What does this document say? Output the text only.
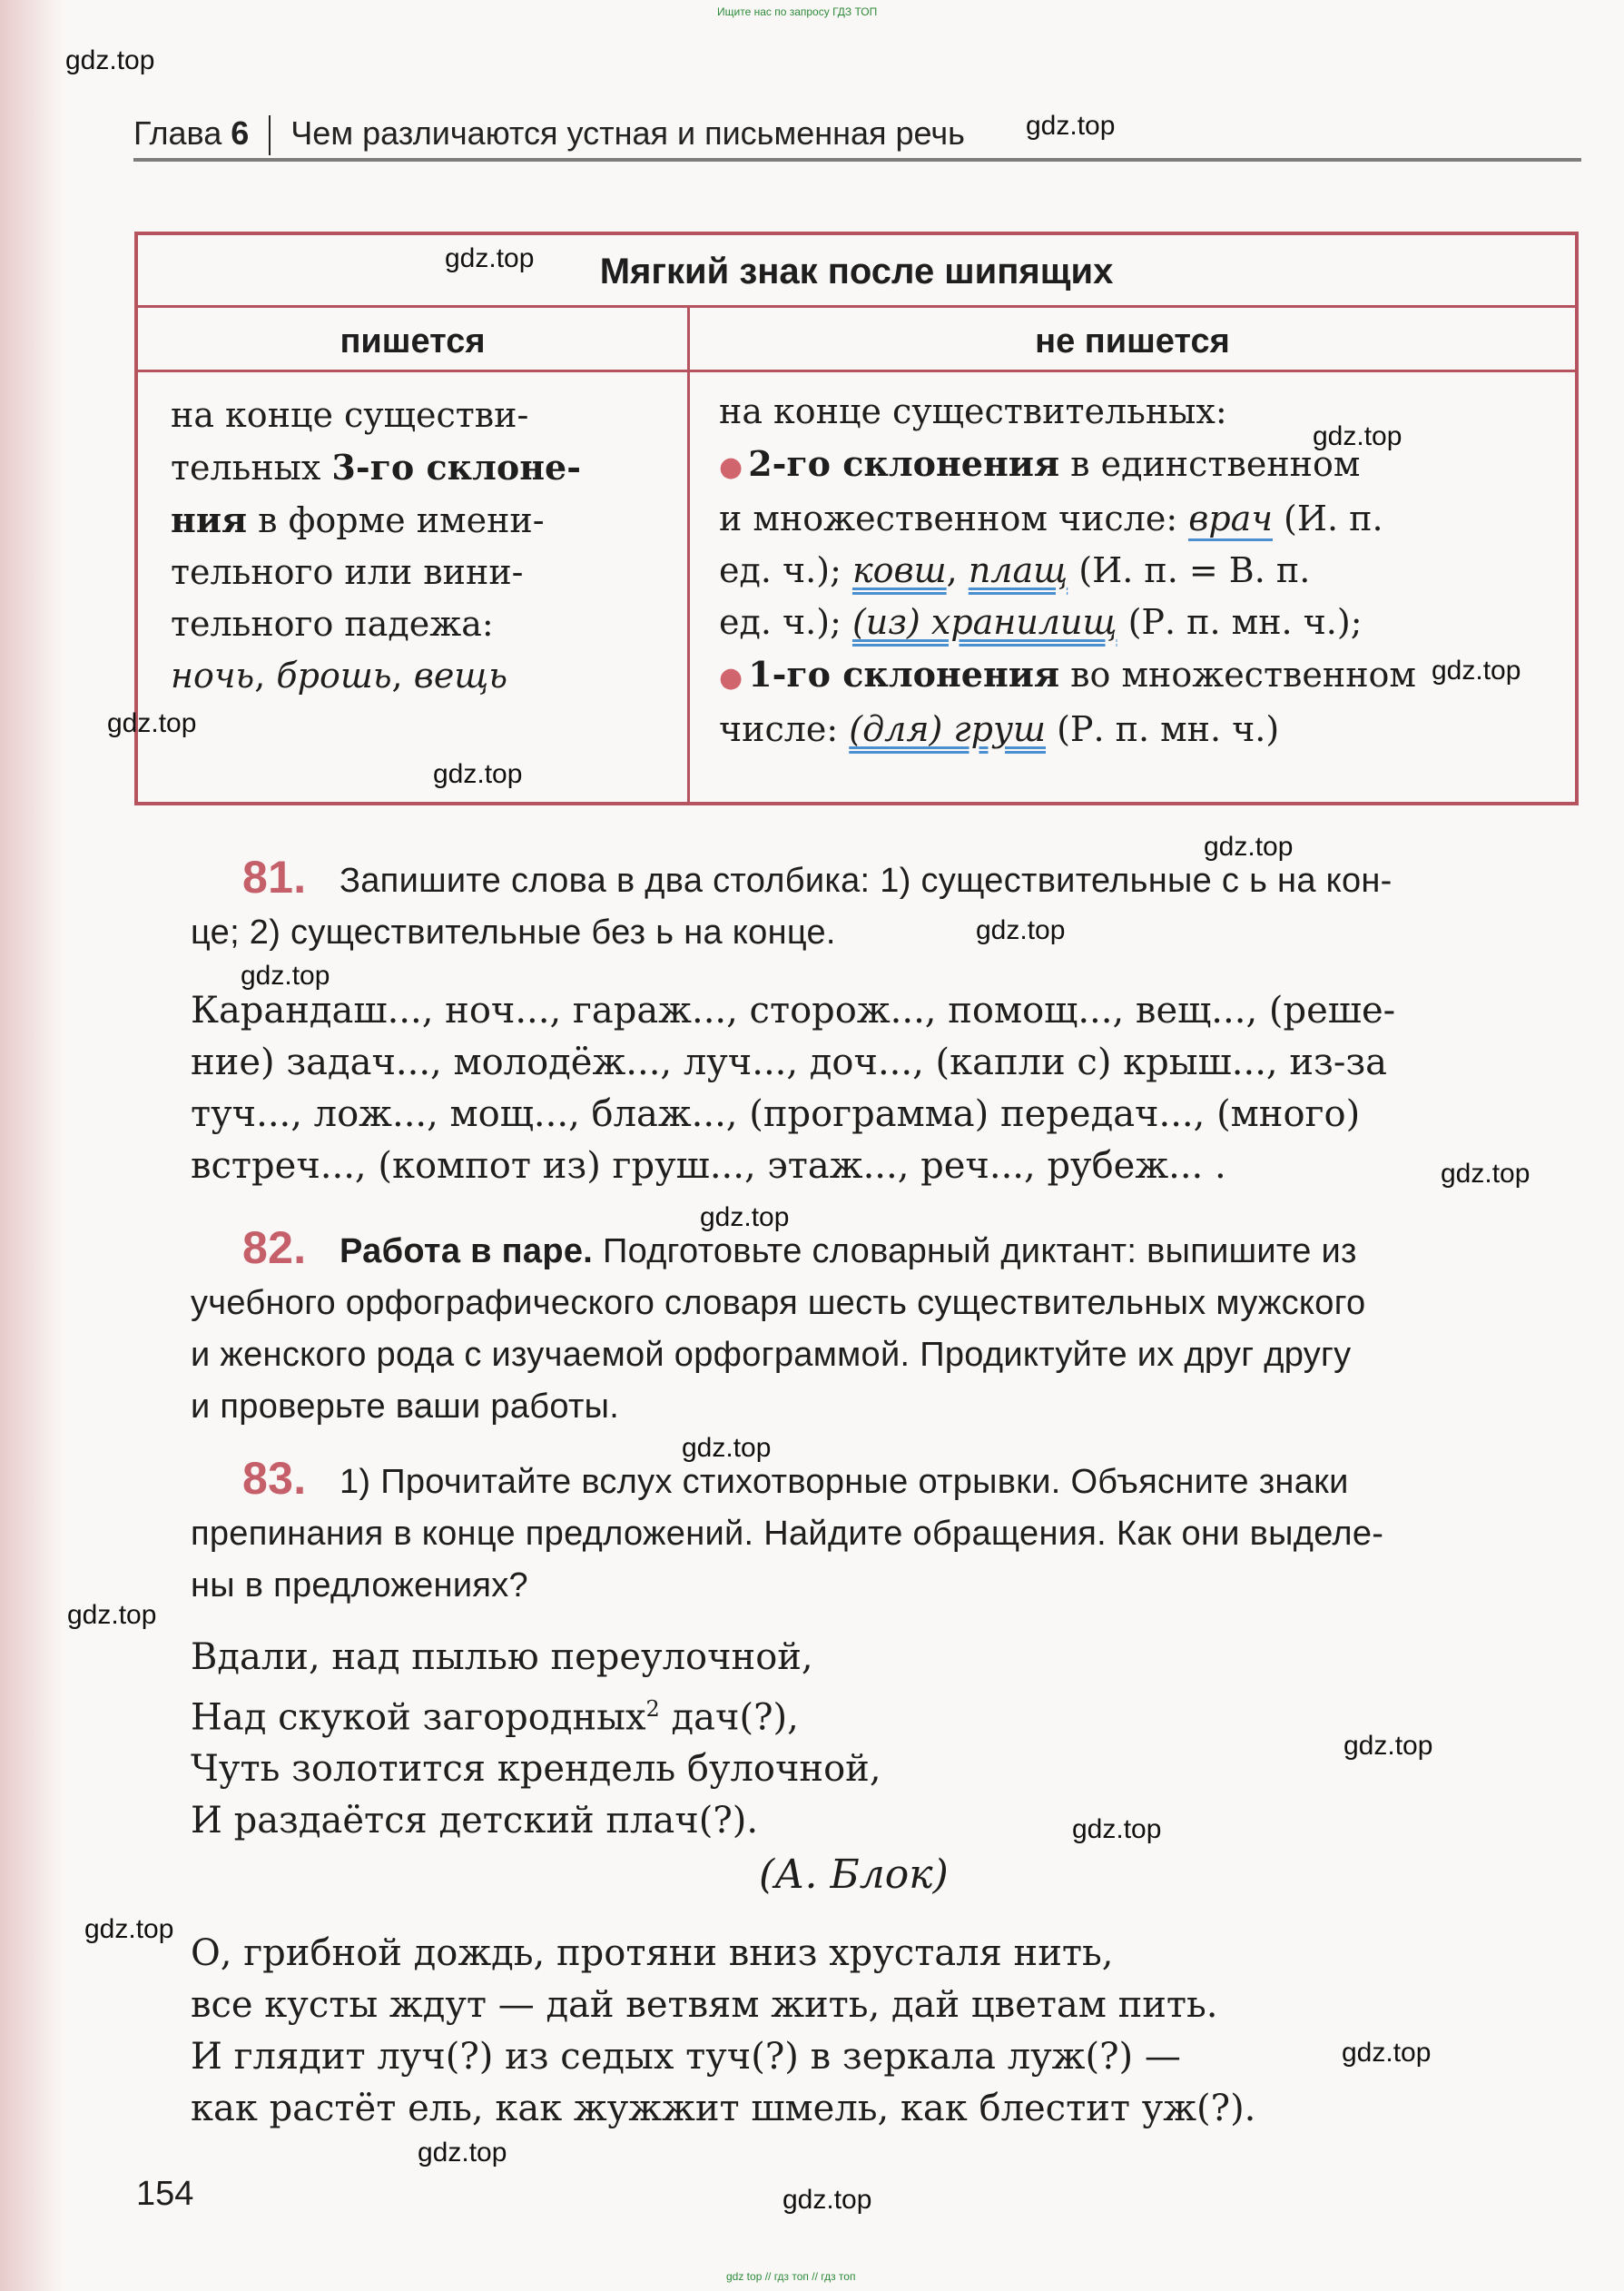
Ищите нас по запросу ГДЗ ТОП
gdz top // гдз топ // гдз топ
Глава 6 Чем различаются устная и письменная речь
Мягкий знак после шипящих
пишется	не пишется
на конце существи-
тельных 3-го склоне-
ния в форме имени-
тельного или вини-
тельного падежа:
ночь, брошь, вещь
на конце существительных:
● 2-го склонения в единственном
и множественном числе: врач (И. п.
ед. ч.); ковш, плащ (И. п. = В. п.
ед. ч.); (из) хранилищ (Р. п. мн. ч.);
● 1-го склонения во множественном
числе: (для) груш (Р. п. мн. ч.)
81. Запишите слова в два столбика: 1) существительные с ь на кон-
це; 2) существительные без ь на конце.
Карандаш..., ноч..., гараж..., сторож..., помощ..., вещ..., (реше-
ние) задач..., молодёж..., луч..., доч..., (капли с) крыш..., из-за
туч..., лож..., мощ..., блаж..., (программа) передач..., (много)
встреч..., (компот из) груш..., этаж..., реч..., рубеж... .
82. Работа в паре. Подготовьте словарный диктант: выпишите из
учебного орфографического словаря шесть существительных мужского
и женского рода с изучаемой орфограммой. Продиктуйте их друг другу
и проверьте ваши работы.
83. 1) Прочитайте вслух стихотворные отрывки. Объясните знаки
препинания в конце предложений. Найдите обращения. Как они выделе-
ны в предложениях?
Вдали, над пылью переулочной,
Над скукой загородных$^2$ дач(?),
Чуть золотится крендель булочной,
И раздаётся детский плач(?).
(А. Блок)
О, грибной дождь, протяни вниз хрусталя нить,
все кусты ждут — дай ветвям жить, дай цветам пить.
И глядит луч(?) из седых туч(?) в зеркала луж(?) —
как растёт ель, как жужжит шмель, как блестит уж(?).
154
gdz.top
gdz.top
gdz.top
gdz.top
gdz.top
gdz.top
gdz.top
gdz.top
gdz.top
gdz.top
gdz.top
gdz.top
gdz.top
gdz.top
gdz.top
gdz.top
gdz.top
gdz.top
gdz.top
gdz.top
